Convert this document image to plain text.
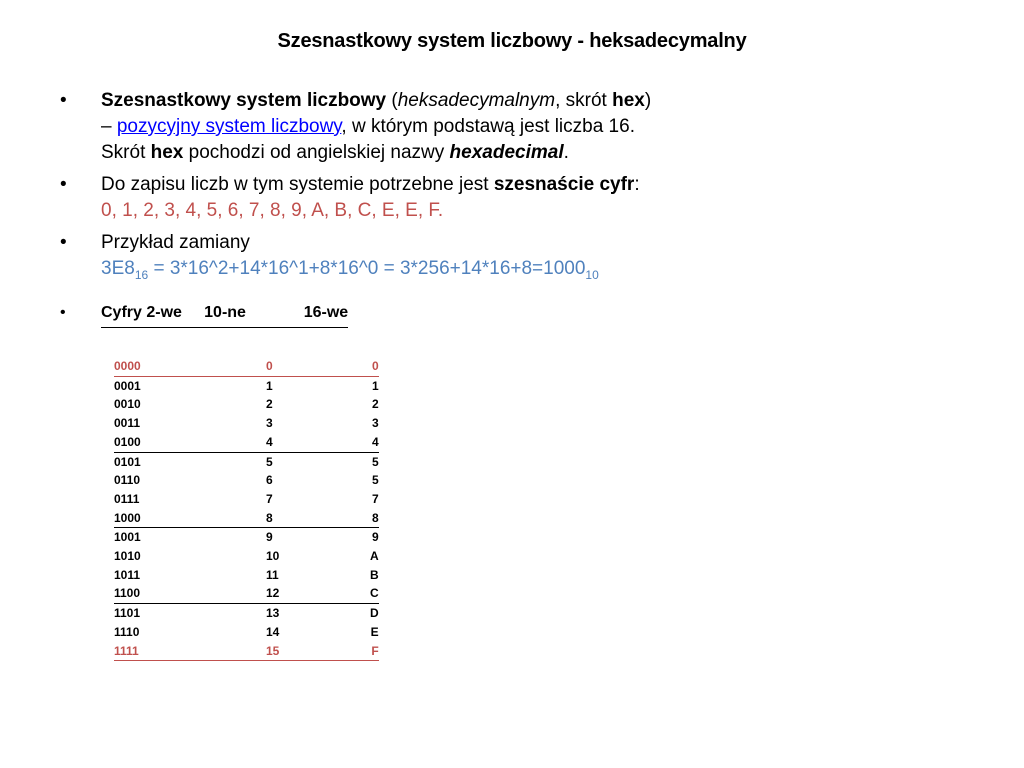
Szesnastkowy system liczbowy - heksadecymalny
• Szesnastkowy system liczbowy (heksadecymalnym, skrót hex)
– pozycyjny system liczbowy, w którym podstawą jest liczba 16.
Skrót hex pochodzi od angielskiej nazwy hexadecimal.
• Do zapisu liczb w tym systemie potrzebne jest szesnaście cyfr:
0, 1, 2, 3, 4, 5, 6, 7, 8, 9, A, B, C, E, E, F.
• Przykład zamiany
$3E8_{16}$ = 3*16^2+14*16^1+8*16^0 = $3*256+14*16+8=1000_{10}$
• Cyfry 2-we     10-ne             16-we
0000	0	0
0001	1	1
0010	2	2
0011	3	3
0100	4	4
0101	5	5
0110	6	5
0111	7	7
1000	8	8
1001	9	9
1010	10	A
1011	11	B
1100	12	C
1101	13	D
1110	14	E
1111	15	F
